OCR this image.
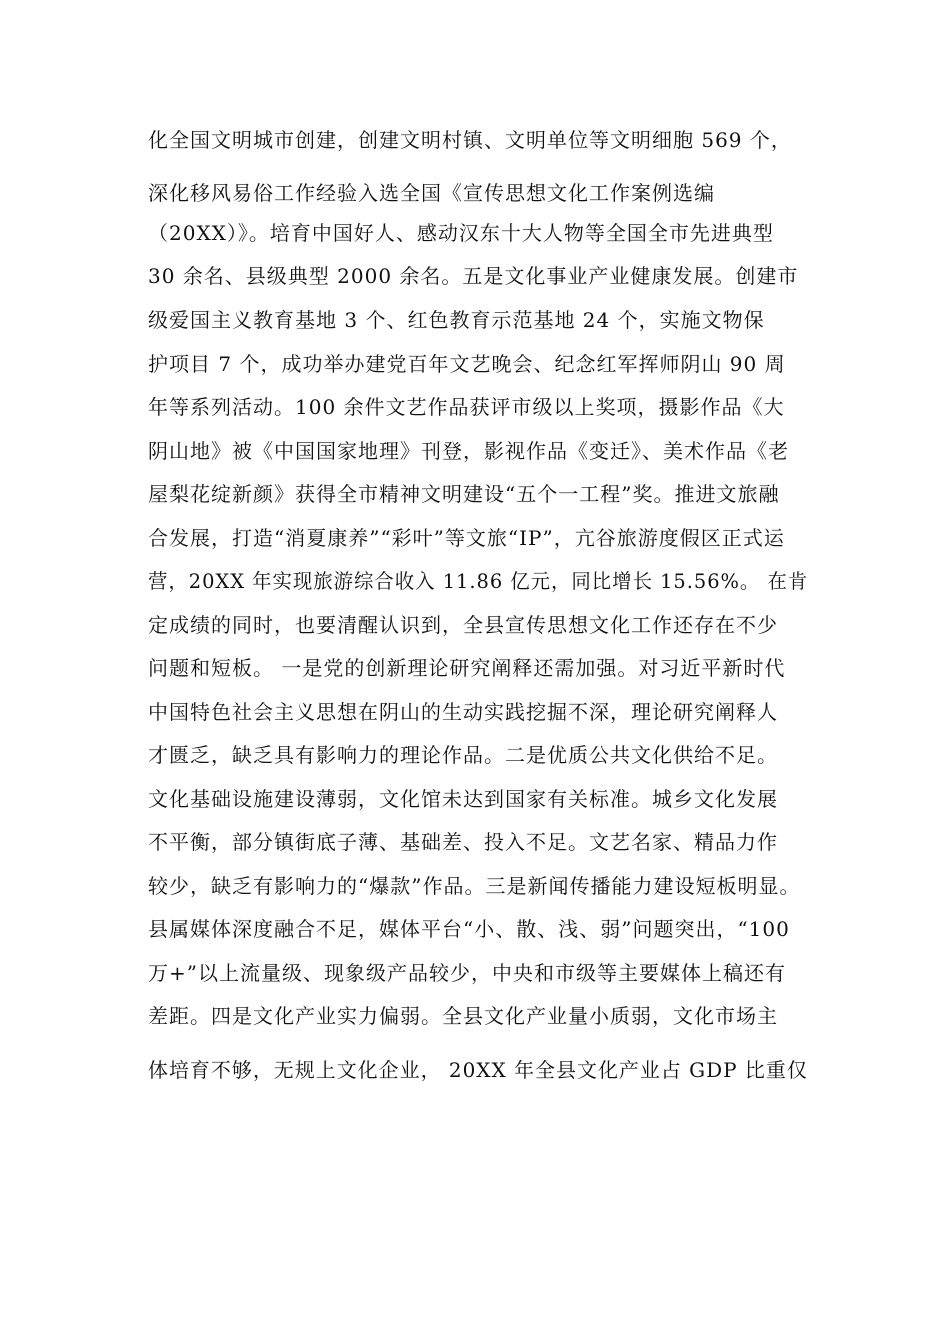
化全国文明城市创建，创建文明村镇、文明单位等文明细胞 569 个，
深化移风易俗工作经验入选全国《宣传思想文化工作案例选编
（20XX）》。培育中国好人、感动汉东十大人物等全国全市先进典型
30 余名、县级典型 2000 余名。五是文化事业产业健康发展。创建市
级爱国主义教育基地 3 个、红色教育示范基地 24 个，实施文物保
护项目 7 个，成功举办建党百年文艺晚会、纪念红军挥师阴山 90 周
年等系列活动。100 余件文艺作品获评市级以上奖项，摄影作品《大
阴山地》被《中国国家地理》刊登，影视作品《变迁》、美术作品《老
屋梨花绽新颜》获得全市精神文明建设“五个一工程”奖。推进文旅融
合发展，打造“消夏康养”“彩叶”等文旅“IP”，亢谷旅游度假区正式运
营，20XX 年实现旅游综合收入 11.86 亿元，同比增长 15.56%。 在肯
定成绩的同时，也要清醒认识到，全县宣传思想文化工作还存在不少
问题和短板。 一是党的创新理论研究阐释还需加强。对习近平新时代
中国特色社会主义思想在阴山的生动实践挖掘不深，理论研究阐释人
才匮乏，缺乏具有影响力的理论作品。二是优质公共文化供给不足。
文化基础设施建设薄弱，文化馆未达到国家有关标准。城乡文化发展
不平衡，部分镇街底子薄、基础差、投入不足。文艺名家、精品力作
较少，缺乏有影响力的“爆款”作品。三是新闻传播能力建设短板明显。
县属媒体深度融合不足，媒体平台“小、散、浅、弱”问题突出，“100
万+”以上流量级、现象级产品较少，中央和市级等主要媒体上稿还有
差距。四是文化产业实力偏弱。全县文化产业量小质弱，文化市场主
体培育不够，无规上文化企业， 20XX 年全县文化产业占 GDP 比重仅
